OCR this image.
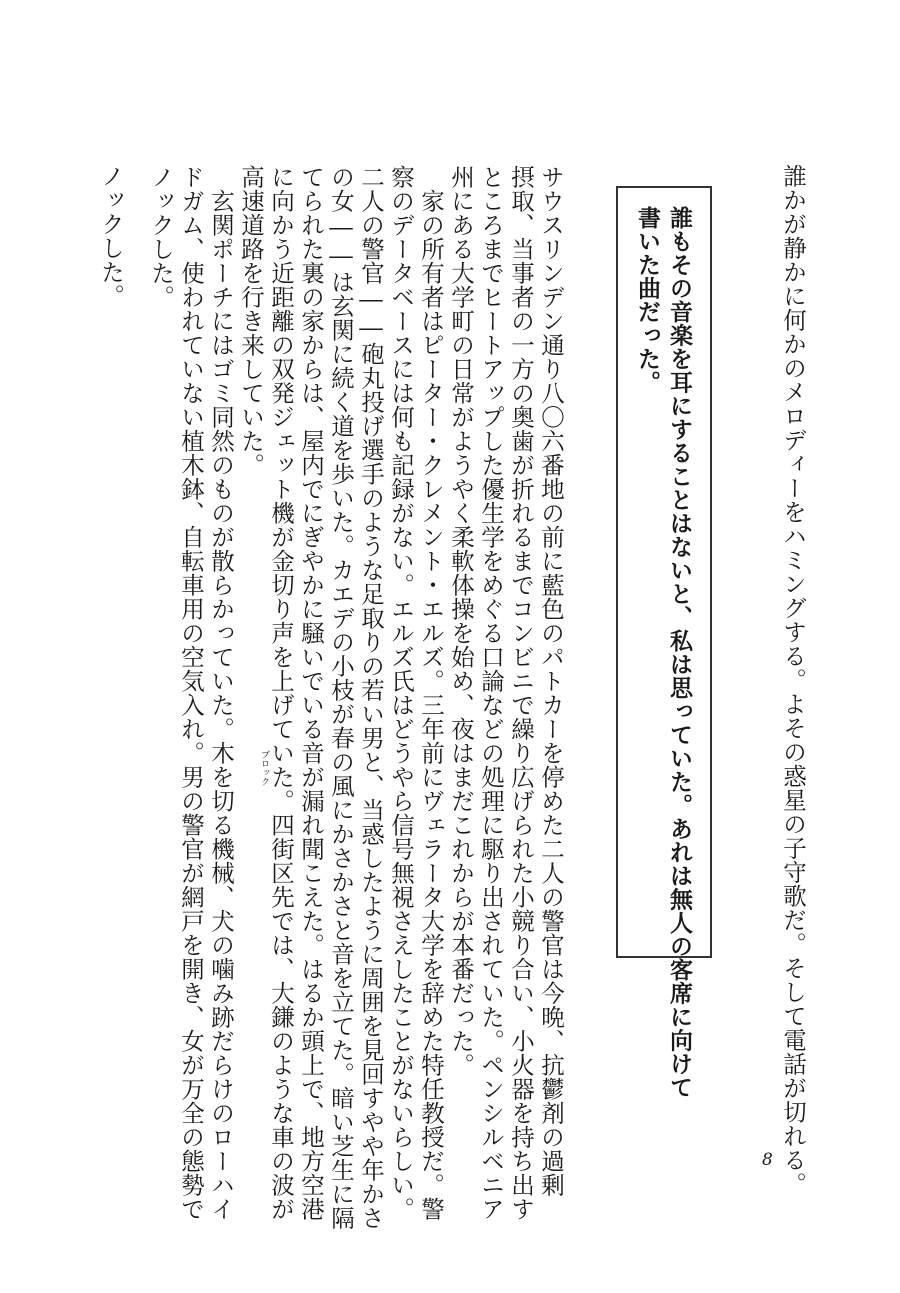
誰かが静かに何かのメロディーをハミングする。よその惑星の子守歌だ。そして電話が切れる。
誰もその音楽を耳にすることはないと、私は思っていた。あれは無人の客席に向けて
書いた曲だった。
サウスリンデン通り八〇六番地の前に藍色のパトカーを停めた二人の警官は今晩、抗鬱剤の過剰
摂取、当事者の一方の奥歯が折れるまでコンビニで繰り広げられた小競り合い、小火器を持ち出す
ところまでヒートアップした優生学をめぐる口論などの処理に駆り出されていた。ペンシルベニア
州にある大学町の日常がようやく柔軟体操を始め、夜はまだこれからが本番だった。
家の所有者はピーター・クレメント・エルズ。三年前にヴェラータ大学を辞めた特任教授だ。警
察のデータベースには何も記録がない。エルズ氏はどうやら信号無視さえしたことがないらしい。
二人の警官――砲丸投げ選手のような足取りの若い男と、当惑したように周囲を見回すやや年かさ
の女――は玄関に続く道を歩いた。カエデの小枝が春の風にかさかさと音を立てた。暗い芝生に隔
てられた裏の家からは、屋内でにぎやかに騒いでいる音が漏れ聞こえた。はるか頭上で、地方空港
に向かう近距離の双発ジェット機が金切り声を上げていた。四街区先では、大鎌のような車の波が
高速道路を行き来していた。
玄関ポーチにはゴミ同然のものが散らかっていた。木を切る機械、犬の噛み跡だらけのローハイ
ドガム、使われていない植木鉢、自転車用の空気入れ。男の警官が網戸を開き、女が万全の態勢で
ノックした。
ノックした。
ブロック
8
